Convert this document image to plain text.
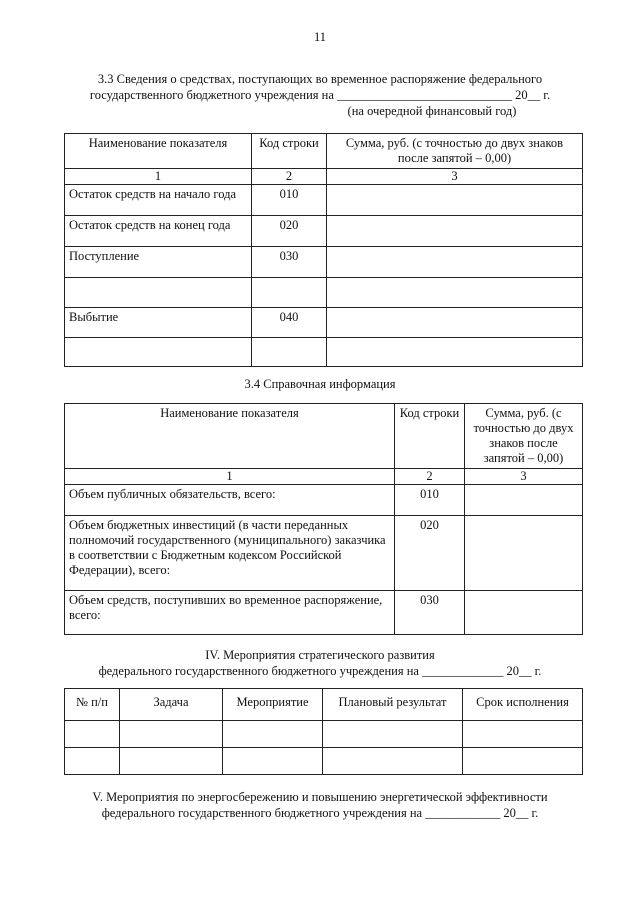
11
3.3 Сведения о средствах, поступающих во временное распоряжение федерального
государственного бюджетного учреждения на ____________________________ 20__ г.
(на очередной финансовый год)
Наименование показателя	Код строки	Сумма, руб. (с точностью до двух знаков после запятой – 0,00)
1	2	3
Остаток средств на начало года	010	
Остаток средств на конец года	020	
Поступление	030	

Выбытие	040	

3.4 Справочная информация
Наименование показателя	Код строки	Сумма, руб. (с точностью до двух знаков после запятой – 0,00)
1	2	3
Объем публичных обязательств, всего:	010	
Объем бюджетных инвестиций (в части переданных полномочий государственного (муниципального) заказчика в соответствии с Бюджетным кодексом Российской Федерации), всего:	020	
Объем средств, поступивших во временное распоряжение, всего:	030	
IV. Мероприятия стратегического развития
федерального государственного бюджетного учреждения на _____________ 20__ г.
№ п/п	Задача	Мероприятие	Плановый результат	Срок исполнения

V. Мероприятия по энергосбережению и повышению энергетической эффективности
федерального государственного бюджетного учреждения на ____________ 20__ г.
